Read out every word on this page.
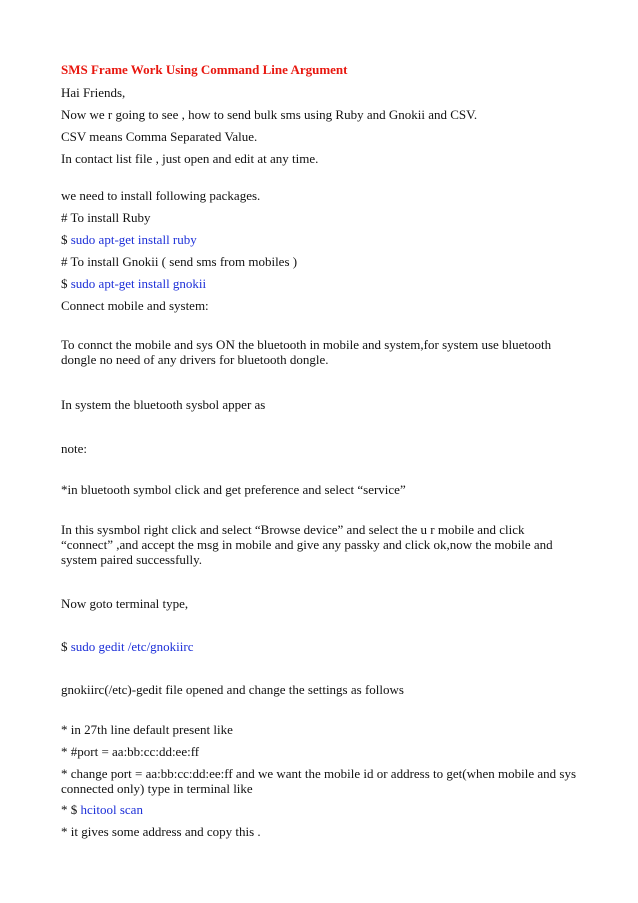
SMS Frame Work Using Command Line Argument
Hai Friends,
Now we r going to see , how to send bulk sms using Ruby and Gnokii and CSV.
CSV means Comma Separated Value.
In contact list file , just open and edit at any time.
we need to install following packages.
# To install Ruby
$ sudo apt-get install ruby
# To install Gnokii ( send sms from mobiles )
$ sudo apt-get install gnokii
Connect mobile and system:
To connct the mobile and sys ON the bluetooth in mobile and system,for system use bluetooth
dongle no need of any drivers for bluetooth dongle.
In system the bluetooth sysbol apper as
note:
*in bluetooth symbol click and get preference and select “service”
In this sysmbol right click and select “Browse device” and select the u r mobile and click
“connect” ,and accept the msg in mobile and give any passky and click ok,now the mobile and
system paired successfully.
Now goto terminal type,
$ sudo gedit /etc/gnokiirc
gnokiirc(/etc)-gedit file opened and change the settings as follows
* in 27th line default present like
* #port = aa:bb:cc:dd:ee:ff
* change port = aa:bb:cc:dd:ee:ff and we want the mobile id or address to get(when mobile and sys
connected only) type in terminal like
* $ hcitool scan
* it gives some address and copy this .
